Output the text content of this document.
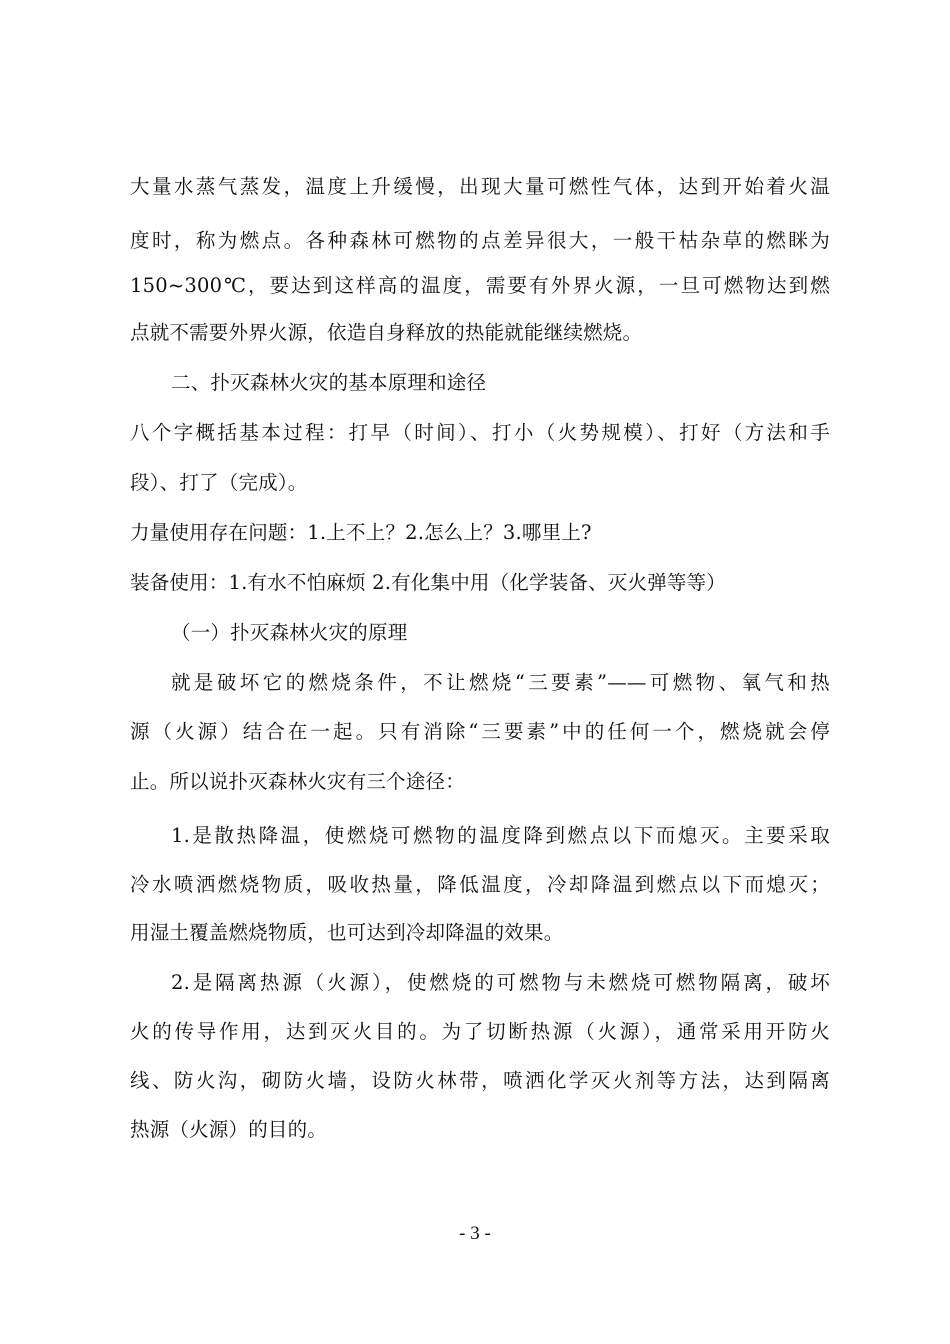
大量水蒸气蒸发，温度上升缓慢，出现大量可燃性气体，达到开始着火温
度时，称为燃点。各种森林可燃物的点差异很大，一般干枯杂草的燃眯为
150~300℃，要达到这样高的温度，需要有外界火源，一旦可燃物达到燃
点就不需要外界火源，依造自身释放的热能就能继续燃烧。
二、扑灭森林火灾的基本原理和途径
八个字概括基本过程：打早（时间）、打小（火势规模）、打好（方法和手
段）、打了（完成）。
力量使用存在问题：1.上不上？2.怎么上？3.哪里上?
装备使用：1.有水不怕麻烦 2.有化集中用（化学装备、灭火弹等等）
（一）扑灭森林火灾的原理
就是破坏它的燃烧条件，不让燃烧“三要素”——可燃物、氧气和热
源（火源）结合在一起。只有消除“三要素”中的任何一个，燃烧就会停
止。所以说扑灭森林火灾有三个途径：
1.是散热降温，使燃烧可燃物的温度降到燃点以下而熄灭。主要采取
冷水喷洒燃烧物质，吸收热量，降低温度，冷却降温到燃点以下而熄灭；
用湿土覆盖燃烧物质，也可达到冷却降温的效果。
2.是隔离热源（火源），使燃烧的可燃物与未燃烧可燃物隔离，破坏
火的传导作用，达到灭火目的。为了切断热源（火源），通常采用开防火
线、防火沟，砌防火墙，设防火林带，喷洒化学灭火剂等方法，达到隔离
热源（火源）的目的。
- 3 -
